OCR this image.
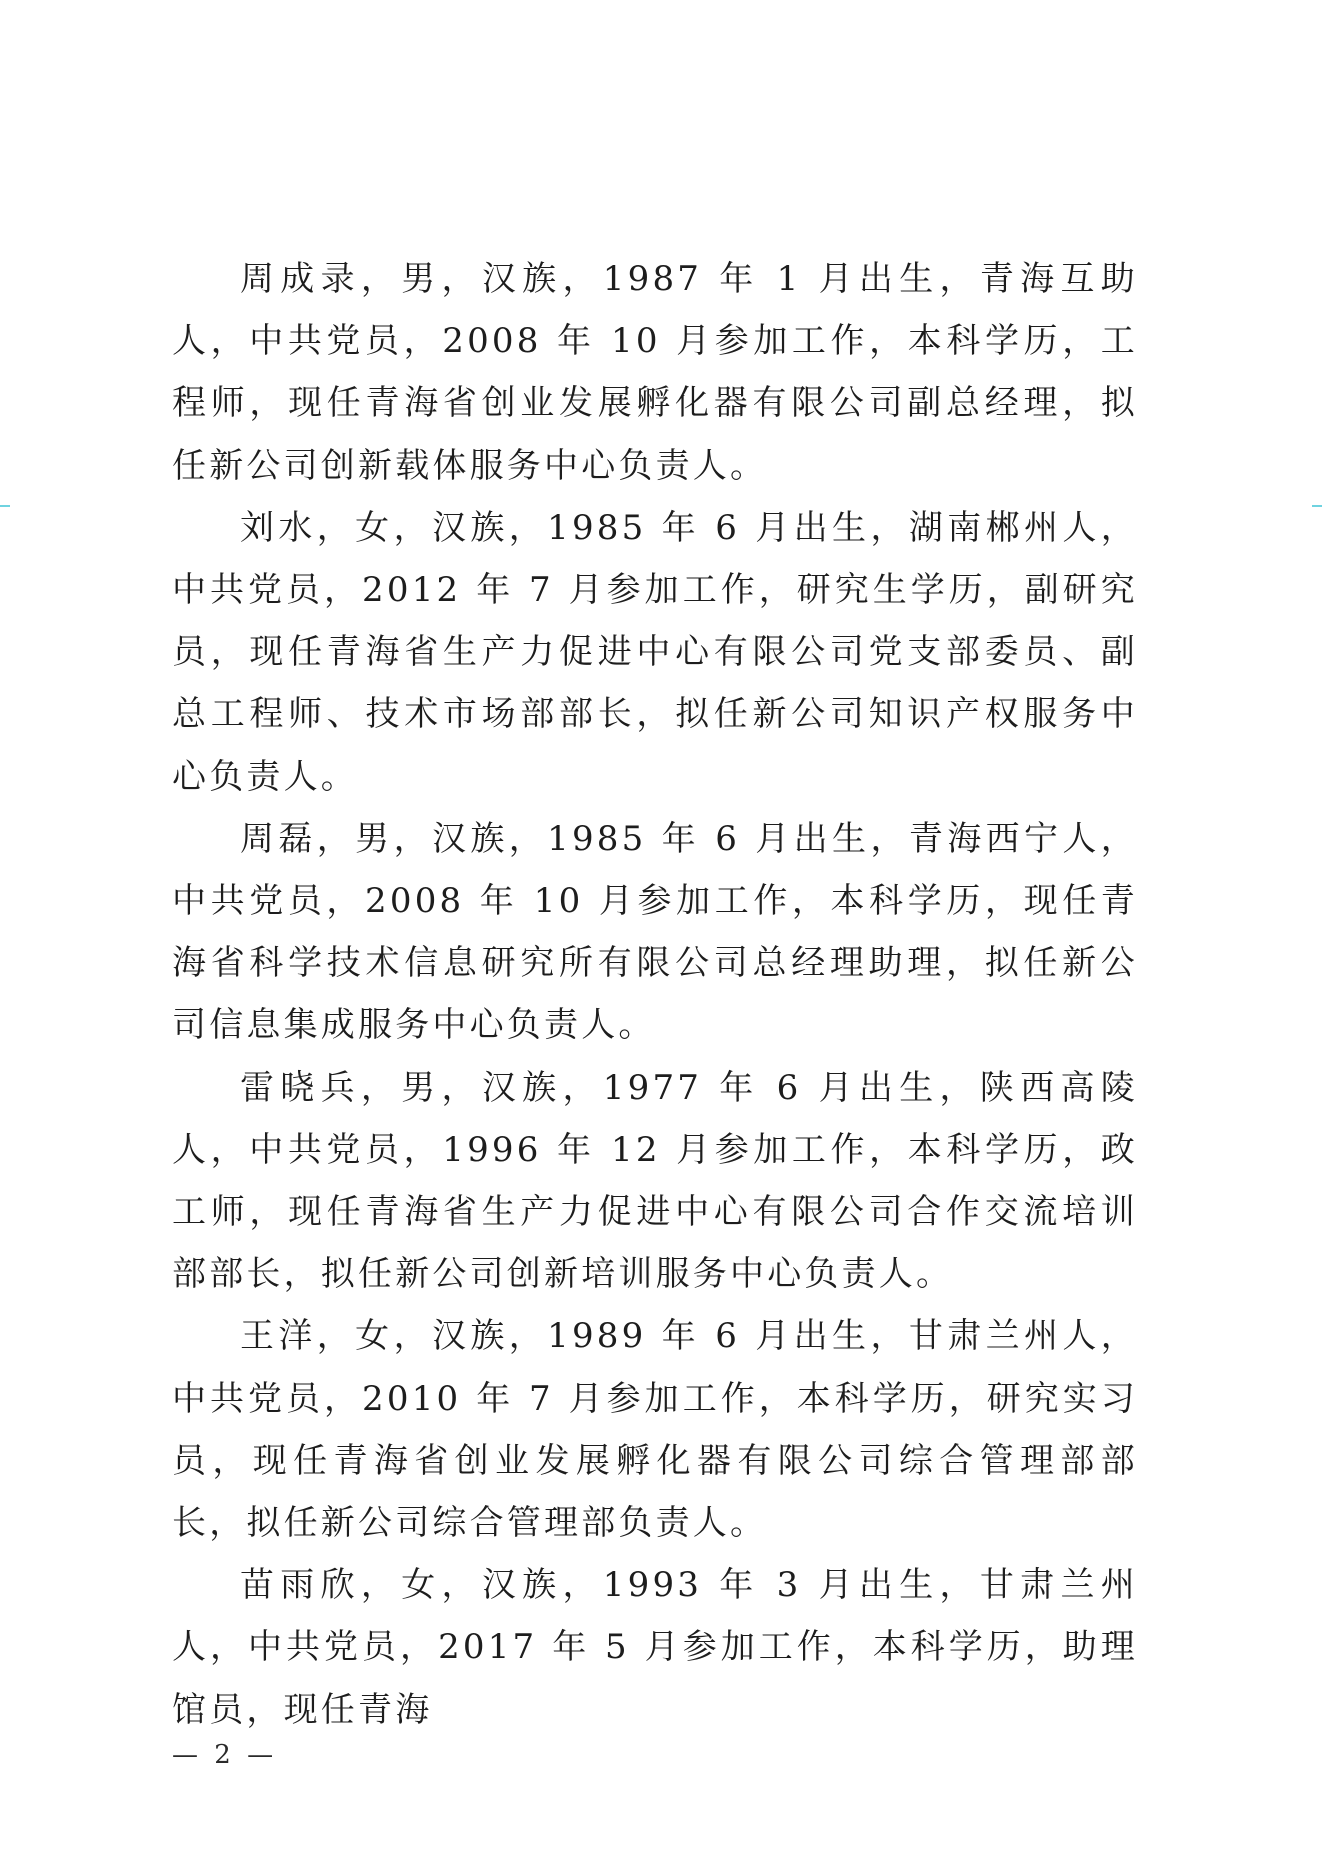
周成录，男，汉族，1987 年 1 月出生，青海互助人，中共党员，2008 年 10 月参加工作，本科学历，工程师，现任青海省创业发展孵化器有限公司副总经理，拟任新公司创新载体服务中心负责人。

刘水，女，汉族，1985 年 6 月出生，湖南郴州人，中共党员，2012 年 7 月参加工作，研究生学历，副研究员，现任青海省生产力促进中心有限公司党支部委员、副总工程师、技术市场部部长，拟任新公司知识产权服务中心负责人。

周磊，男，汉族，1985 年 6 月出生，青海西宁人，中共党员，2008 年 10 月参加工作，本科学历，现任青海省科学技术信息研究所有限公司总经理助理，拟任新公司信息集成服务中心负责人。

雷晓兵，男，汉族，1977 年 6 月出生，陕西高陵人，中共党员，1996 年 12 月参加工作，本科学历，政工师，现任青海省生产力促进中心有限公司合作交流培训部部长，拟任新公司创新培训服务中心负责人。

王洋，女，汉族，1989 年 6 月出生，甘肃兰州人，中共党员，2010 年 7 月参加工作，本科学历，研究实习员，现任青海省创业发展孵化器有限公司综合管理部部长，拟任新公司综合管理部负责人。

苗雨欣，女，汉族，1993 年 3 月出生，甘肃兰州人，中共党员，2017 年 5 月参加工作，本科学历，助理馆员，现任青海

— 2 —
